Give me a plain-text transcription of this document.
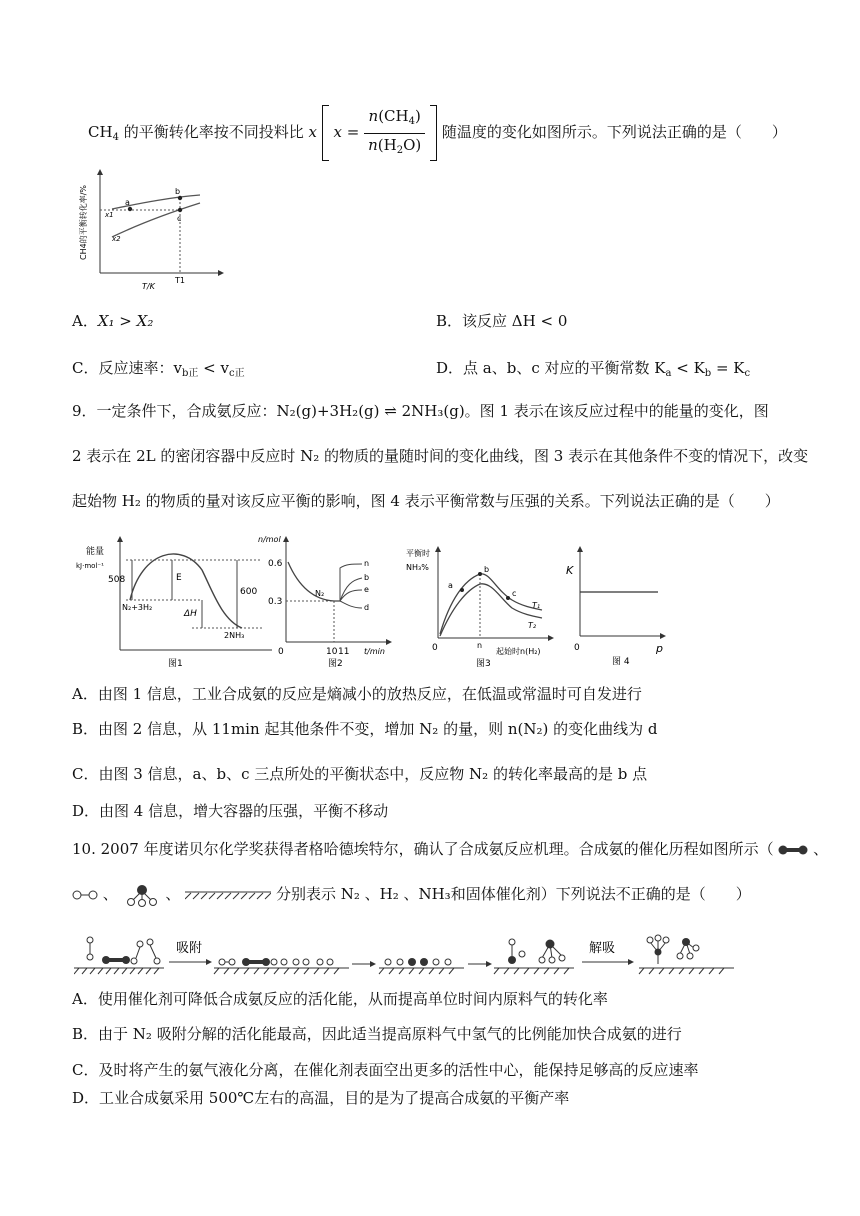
$CH_4$ 的平衡转化率按不同投料比 x $x = \frac{n(CH_4)}{n(H_2O)}$ 随温度的变化如图所示。下列说法正确的是（　　）
CH4的平衡转化率/%	a
b
c
x1
x2
T1
T/K
A．X₁ > X₂	B．该反应 ΔH < 0
C．反应速率：$v_{b正} < v_{c正}$	D．点 a、b、c 对应的平衡常数 $K_a < K_b = K_c$
9．一定条件下，合成氨反应：N₂(g)+3H₂(g) ⇌ 2NH₃(g)。图 1 表示在该反应过程中的能量的变化，图
2 表示在 2L 的密闭容器中反应时 N₂ 的物质的量随时间的变化曲线，图 3 表示在其他条件不变的情况下，改变
起始物 H₂ 的物质的量对该反应平衡的影响，图 4 表示平衡常数与压强的关系。下列说法正确的是（　　）
能量
kJ·mol⁻¹
508	E
ΔH
600
N₂+3H₂
2NH₃
图1
n/mol
0.6
0.3
0
n
b
e
d
N₂
10 11 t/min
图2
平衡时
NH₃%
a
b
c
T₁
T₂
0	n
起始时n(H₂)
图3
K
0	p
图 4
A．由图 1 信息，工业合成氨的反应是熵减小的放热反应，在低温或常温时可自发进行
B．由图 2 信息，从 11min 起其他条件不变，增加 N₂ 的量，则 n(N₂) 的变化曲线为 d
C．由图 3 信息，a、b、c 三点所处的平衡状态中，反应物 N₂ 的转化率最高的是 b 点
D．由图 4 信息，增大容器的压强，平衡不移动
10. 2007 年度诺贝尔化学奖获得者格哈德埃特尔，确认了合成氨反应机理。合成氨的催化历程如图所示（	、
、	、	分别表示 N₂ 、H₂ 、NH₃和固体催化剂）下列说法不正确的是（　　）
吸附	解吸
A．使用催化剂可降低合成氨反应的活化能，从而提高单位时间内原料气的转化率
B．由于 N₂ 吸附分解的活化能最高，因此适当提高原料气中氢气的比例能加快合成氨的进行
C．及时将产生的氨气液化分离，在催化剂表面空出更多的活性中心，能保持足够高的反应速率
D．工业合成氨采用 500℃左右的高温，目的是为了提高合成氨的平衡产率
